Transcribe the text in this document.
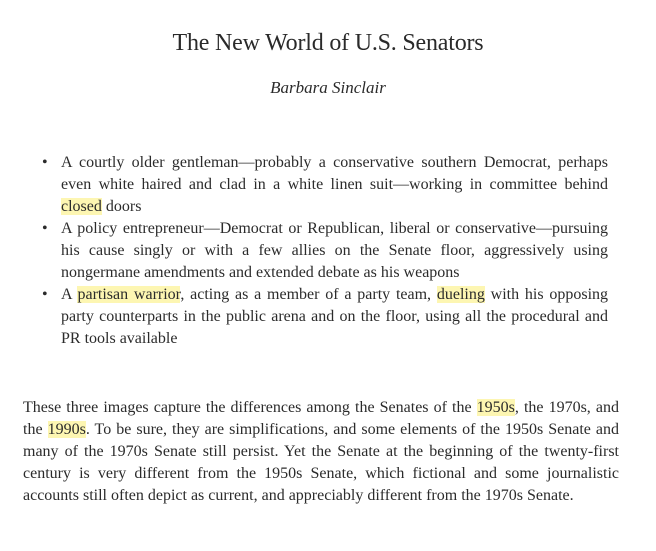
The New World of U.S. Senators
Barbara Sinclair
• A courtly older gentleman—probably a conservative southern Democrat, perhaps even white haired and clad in a white linen suit—working in committee behind closed doors
• A policy entrepreneur—Democrat or Republican, liberal or conservative—pursuing his cause singly or with a few allies on the Senate floor, aggressively using nongermane amendments and extended debate as his weapons
• A partisan warrior, acting as a member of a party team, dueling with his opposing party counterparts in the public arena and on the floor, using all the procedural and PR tools available

These three images capture the differences among the Senates of the 1950s, the 1970s, and the 1990s. To be sure, they are simplifications, and some elements of the 1950s Senate and many of the 1970s Senate still persist. Yet the Senate at the beginning of the twenty-first century is very different from the 1950s Senate, which fictional and some journalistic accounts still often depict as current, and appreciably different from the 1970s Senate.
